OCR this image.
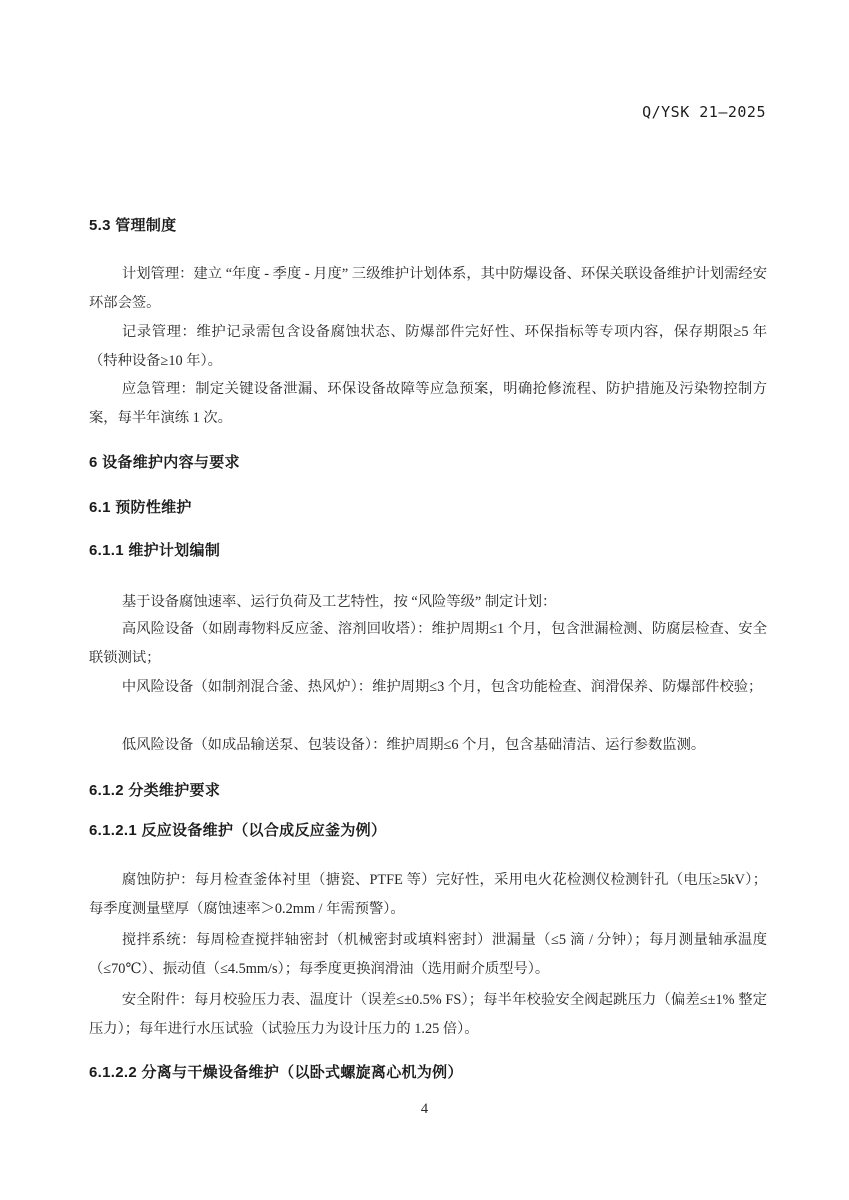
Q/YSK 21—2025
5.3 管理制度
计划管理：建立 “年度 - 季度 - 月度” 三级维护计划体系，其中防爆设备、环保关联设备维护计划需经安环部会签。
记录管理：维护记录需包含设备腐蚀状态、防爆部件完好性、环保指标等专项内容，保存期限≥5 年（特种设备≥10 年）。
应急管理：制定关键设备泄漏、环保设备故障等应急预案，明确抢修流程、防护措施及污染物控制方案，每半年演练 1 次。
6 设备维护内容与要求
6.1 预防性维护
6.1.1 维护计划编制
基于设备腐蚀速率、运行负荷及工艺特性，按 “风险等级” 制定计划：
高风险设备（如剧毒物料反应釜、溶剂回收塔）：维护周期≤1 个月，包含泄漏检测、防腐层检查、安全联锁测试；
中风险设备（如制剂混合釜、热风炉）：维护周期≤3 个月，包含功能检查、润滑保养、防爆部件校验；
低风险设备（如成品输送泵、包装设备）：维护周期≤6 个月，包含基础清洁、运行参数监测。
6.1.2 分类维护要求
6.1.2.1 反应设备维护（以合成反应釜为例）
腐蚀防护：每月检查釜体衬里（搪瓷、PTFE 等）完好性，采用电火花检测仪检测针孔（电压≥5kV）；每季度测量壁厚（腐蚀速率＞0.2mm / 年需预警）。
搅拌系统：每周检查搅拌轴密封（机械密封或填料密封）泄漏量（≤5 滴 / 分钟）；每月测量轴承温度（≤70℃）、振动值（≤4.5mm/s）；每季度更换润滑油（选用耐介质型号）。
安全附件：每月校验压力表、温度计（误差≤±0.5% FS）；每半年校验安全阀起跳压力（偏差≤±1% 整定压力）；每年进行水压试验（试验压力为设计压力的 1.25 倍）。
6.1.2.2 分离与干燥设备维护（以卧式螺旋离心机为例）
4
